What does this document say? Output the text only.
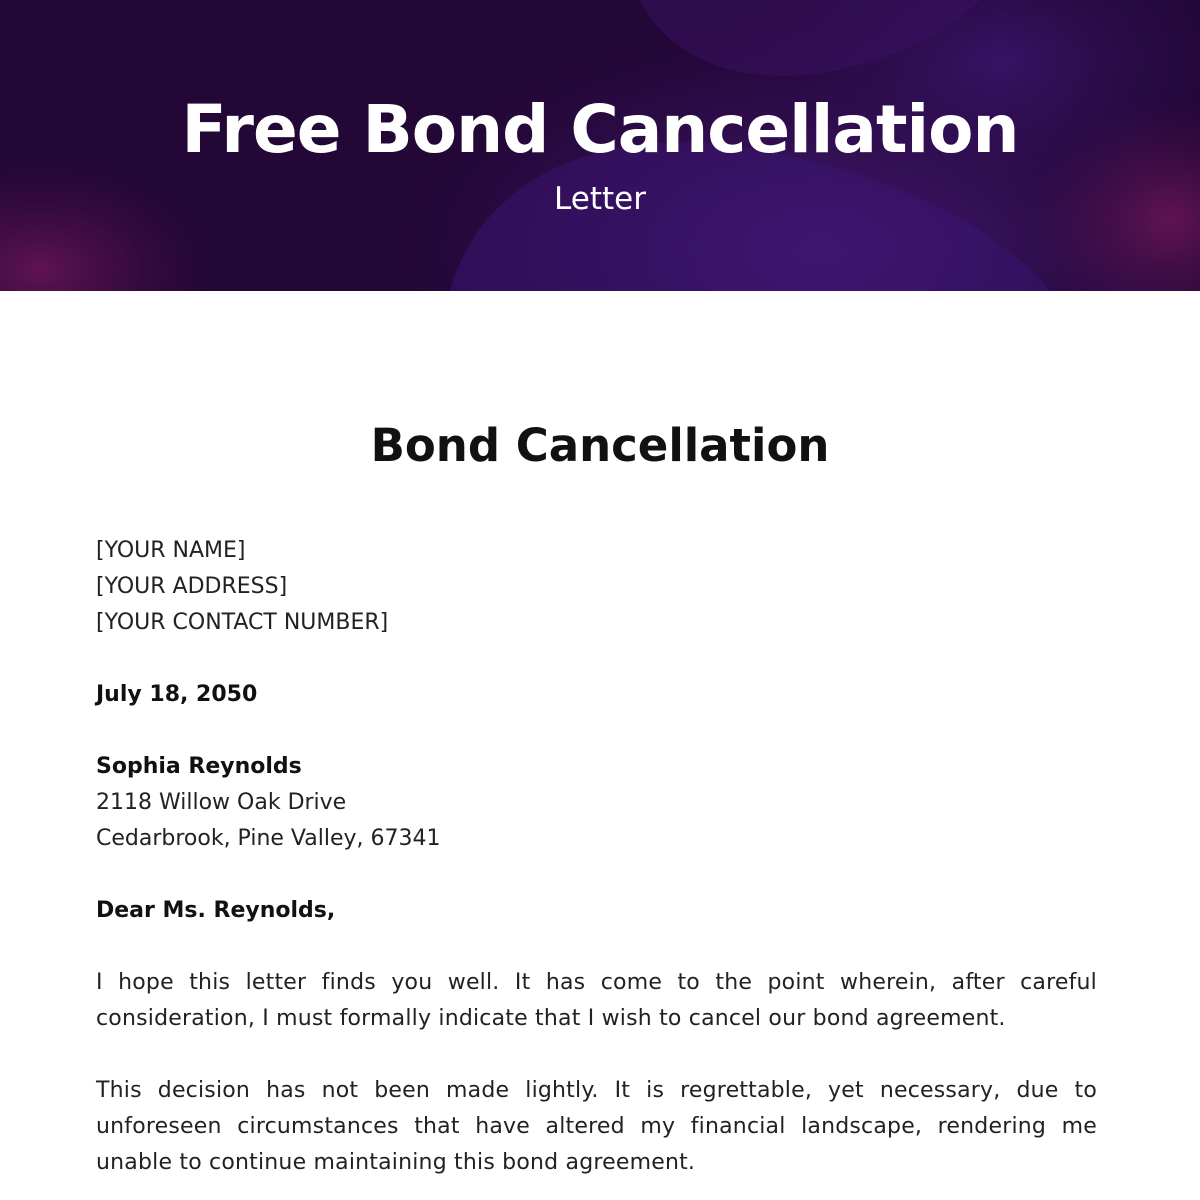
Free Bond Cancellation
Letter
Bond Cancellation
[YOUR NAME]
[YOUR ADDRESS]
[YOUR CONTACT NUMBER]
July 18, 2050
Sophia Reynolds
2118 Willow Oak Drive
Cedarbrook, Pine Valley, 67341
Dear Ms. Reynolds,

I hope this letter finds you well. It has come to the point wherein, after careful consideration, I must formally indicate that I wish to cancel our bond agreement.

This decision has not been made lightly. It is regrettable, yet necessary, due to unforeseen circumstances that have altered my financial landscape, rendering me unable to continue maintaining this bond agreement.
